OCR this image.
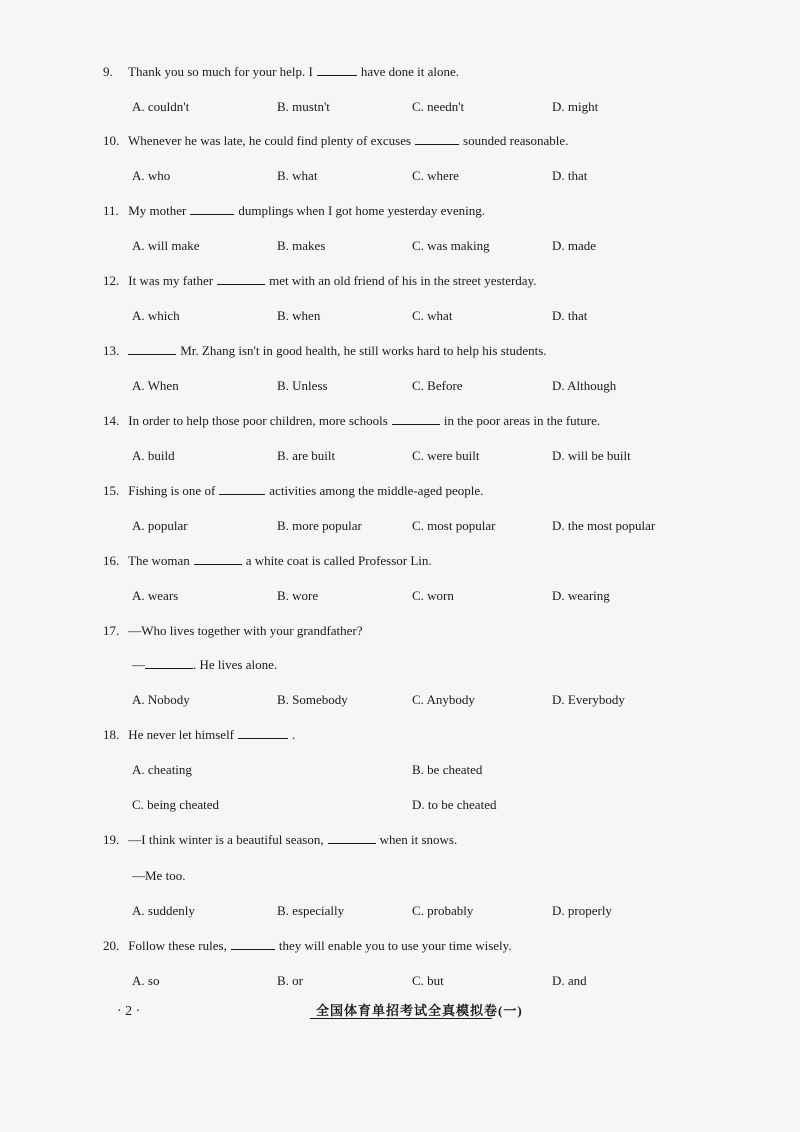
9. Thank you so much for your help. I	have done it alone.
A. couldn't	B. mustn't	C. needn't	D. might
10. Whenever he was late, he could find plenty of excuses	sounded reasonable.
A. who	B. what	C. where	D. that
11. My mother	dumplings when I got home yesterday evening.
A. will make	B. makes	C. was making	D. made
12. It was my father	met with an old friend of his in the street yesterday.
A. which	B. when	C. what	D. that
13.	Mr. Zhang isn't in good health, he still works hard to help his students.
A. When	B. Unless	C. Before	D. Although
14. In order to help those poor children, more schools	in the poor areas in the future.
A. build	B. are built	C. were built	D. will be built
15. Fishing is one of	activities among the middle-aged people.
A. popular	B. more popular	C. most popular	D. the most popular
16. The woman	a white coat is called Professor Lin.
A. wears	B. wore	C. worn	D. wearing
17. —Who lives together with your grandfather?
—	. He lives alone.
A. Nobody	B. Somebody	C. Anybody	D. Everybody
18. He never let himself	.
A. cheating	B. be cheated
C. being cheated	D. to be cheated
19. —I think winter is a beautiful season,	when it snows.
—Me too.
A. suddenly	B. especially	C. probably	D. properly
20. Follow these rules,	they will enable you to use your time wisely.
A. so	B. or	C. but	D. and
· 2 ·	全国体育单招考试全真模拟卷(一)
